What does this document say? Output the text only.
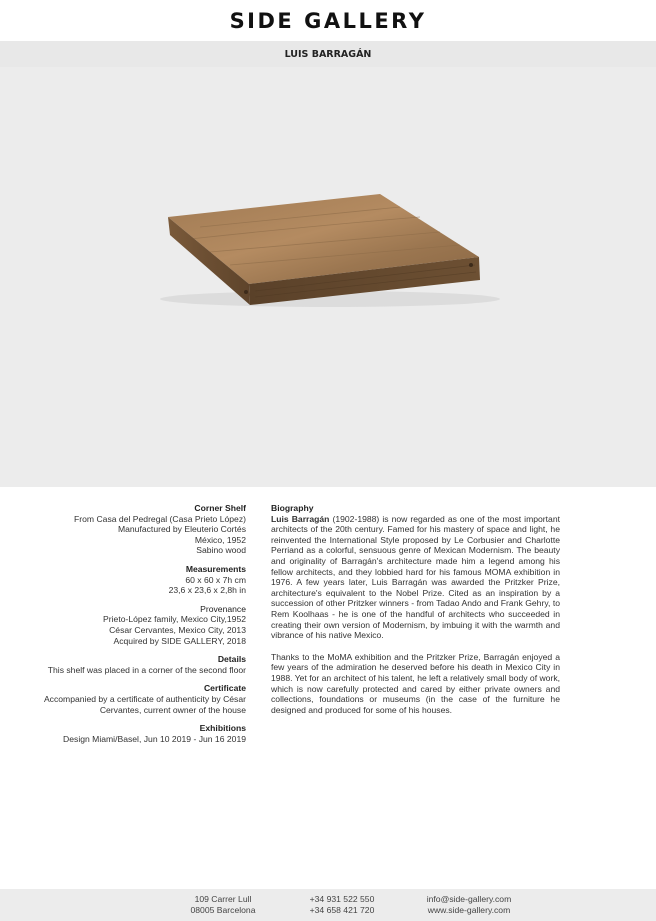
SIDE GALLERY
LUIS BARRAGÁN
Corner Shelf
From Casa del Pedregal (Casa Prieto López)
Manufactured by Eleuterio Cortés
México, 1952
Sabino wood
Measurements
60 x 60 x 7h cm
23,6 x 23,6 x 2,8h in
Provenance
Prieto-López family, Mexico City,1952
César Cervantes, Mexico City, 2013
Acquired by SIDE GALLERY, 2018
Details
This shelf was placed in a corner of the second floor
Certificate
Accompanied by a certificate of authenticity by César
Cervantes, current owner of the house
Exhibitions
Design Miami/Basel, Jun 10 2019 - Jun 16 2019
Biography

Luis Barragán (1902-1988) is now regarded as one of the most important architects of the 20th century. Famed for his mastery of space and light, he reinvented the International Style proposed by Le Corbusier and Charlotte Perriand as a colorful, sensuous genre of Mexican Modernism. The beauty and originality of Barragán's architecture made him a legend among his fellow architects, and they lobbied hard for his famous MOMA exhibition in 1976. A few years later, Luis Barragán was awarded the Pritzker Prize, architecture's equivalent to the Nobel Prize. Cited as an inspiration by a succession of other Pritzker winners - from Tadao Ando and Frank Gehry, to Rem Koolhaas - he is one of the handful of architects who succeeded in creating their own version of Modernism, by imbuing it with the warmth and vibrance of his native Mexico.

Thanks to the MoMA exhibition and the Pritzker Prize, Barragán enjoyed a few years of the admiration he deserved before his death in Mexico City in 1988. Yet for an architect of his talent, he left a relatively small body of work, which is now carefully protected and cared by either private owners and collections, foundations or museums (in the case of the furniture he designed and produced for some of his houses.

109 Carrer Lull
08005 Barcelona
+34 931 522 550
+34 658 421 720
info@side-gallery.com
www.side-gallery.com
